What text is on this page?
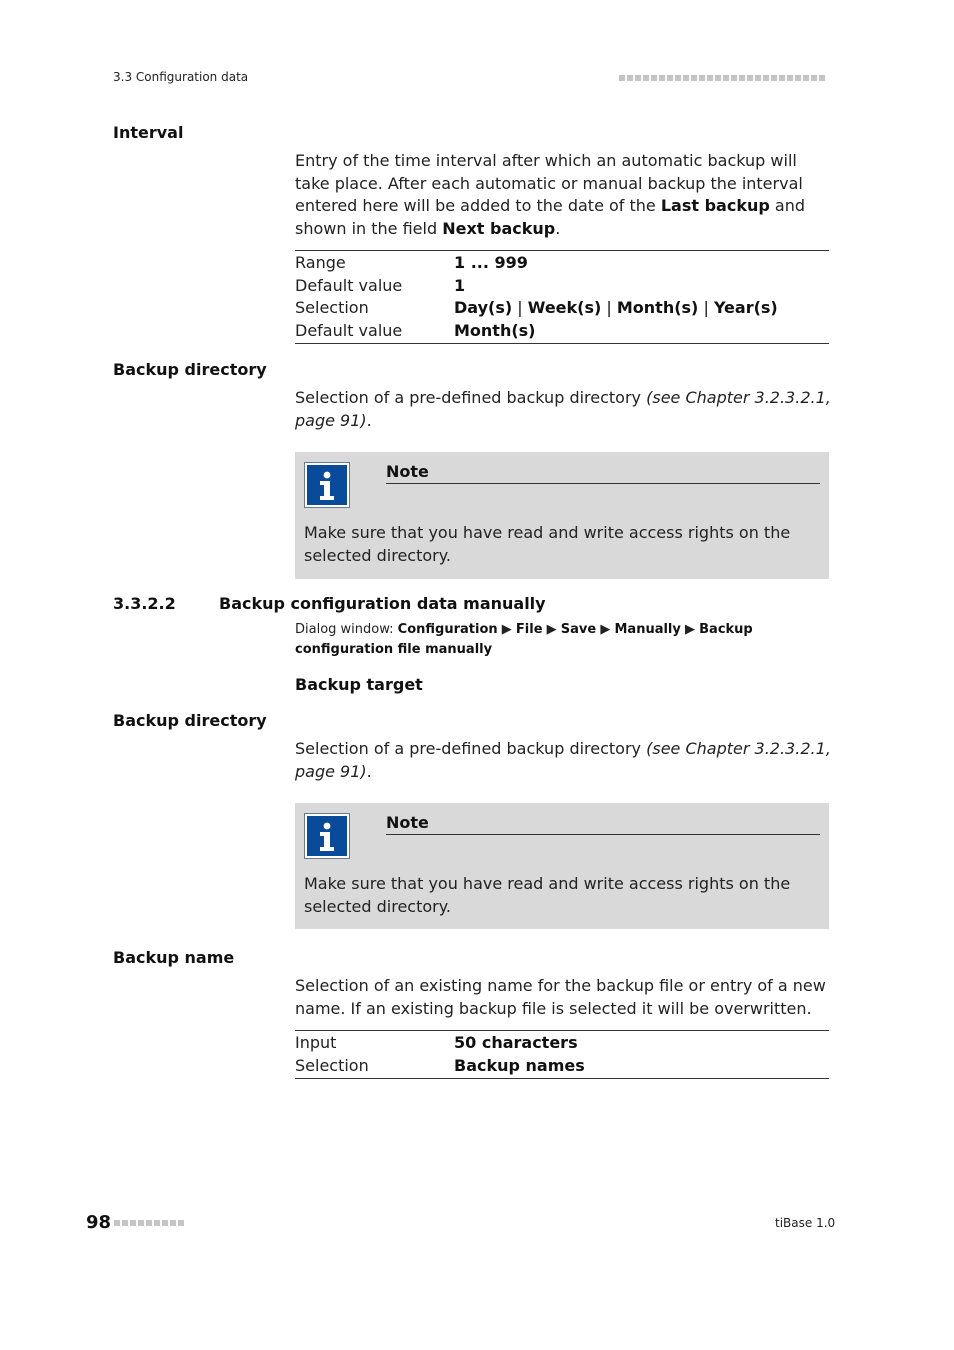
3.3 Configuration data
Interval
Entry of the time interval after which an automatic backup will take place. After each automatic or manual backup the interval entered here will be added to the date of the Last backup and shown in the field Next backup.
Range	1 ... 999
Default value	1
Selection	Day(s) | Week(s) | Month(s) | Year(s)
Default value	Month(s)
Backup directory
Selection of a pre-defined backup directory (see Chapter 3.2.3.2.1, page 91).
Note
Make sure that you have read and write access rights on the selected directory.
3.3.2.2	Backup configuration data manually
Dialog window: Configuration ▶ File ▶ Save ▶ Manually ▶ Backup configuration file manually
Backup target
Backup directory
Selection of a pre-defined backup directory (see Chapter 3.2.3.2.1, page 91).
Note
Make sure that you have read and write access rights on the selected directory.
Backup name
Selection of an existing name for the backup file or entry of a new name. If an existing backup file is selected it will be overwritten.
Input	50 characters
Selection	Backup names
98	tiBase 1.0
